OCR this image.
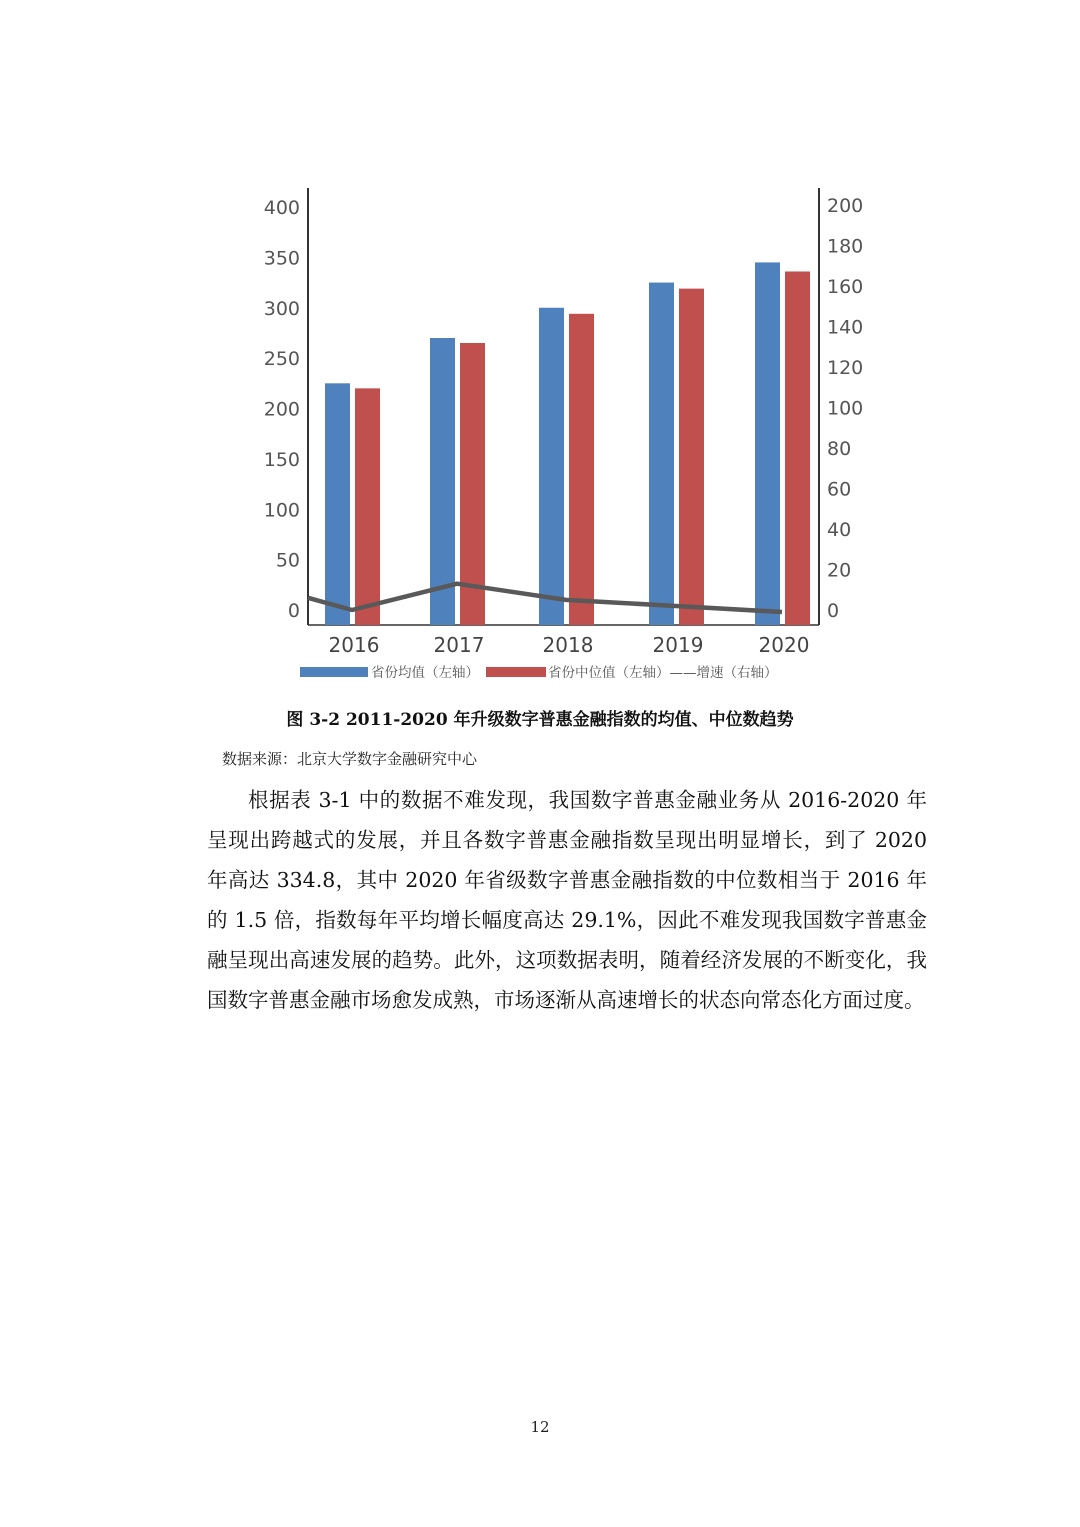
0
50
100
150
200
250
300
350
400
0
20
40
60
80
100
120
140
160
180
200
2016	2017	2018	2019	2020
省份均值（左轴）	省份中位值（左轴）——增速（右轴）
图 3-2 2011-2020 年升级数字普惠金融指数的均值、中位数趋势
数据来源：北京大学数字金融研究中心

根据表 3-1 中的数据不难发现，我国数字普惠金融业务从 2016-2020 年呈现出跨越式的发展，并且各数字普惠金融指数呈现出明显增长，到了 2020 年高达 334.8，其中 2020 年省级数字普惠金融指数的中位数相当于 2016 年的 1.5 倍，指数每年平均增长幅度高达 29.1%，因此不难发现我国数字普惠金融呈现出高速发展的趋势。此外，这项数据表明，随着经济发展的不断变化，我国数字普惠金融市场愈发成熟，市场逐渐从高速增长的状态向常态化方面过度。

12
